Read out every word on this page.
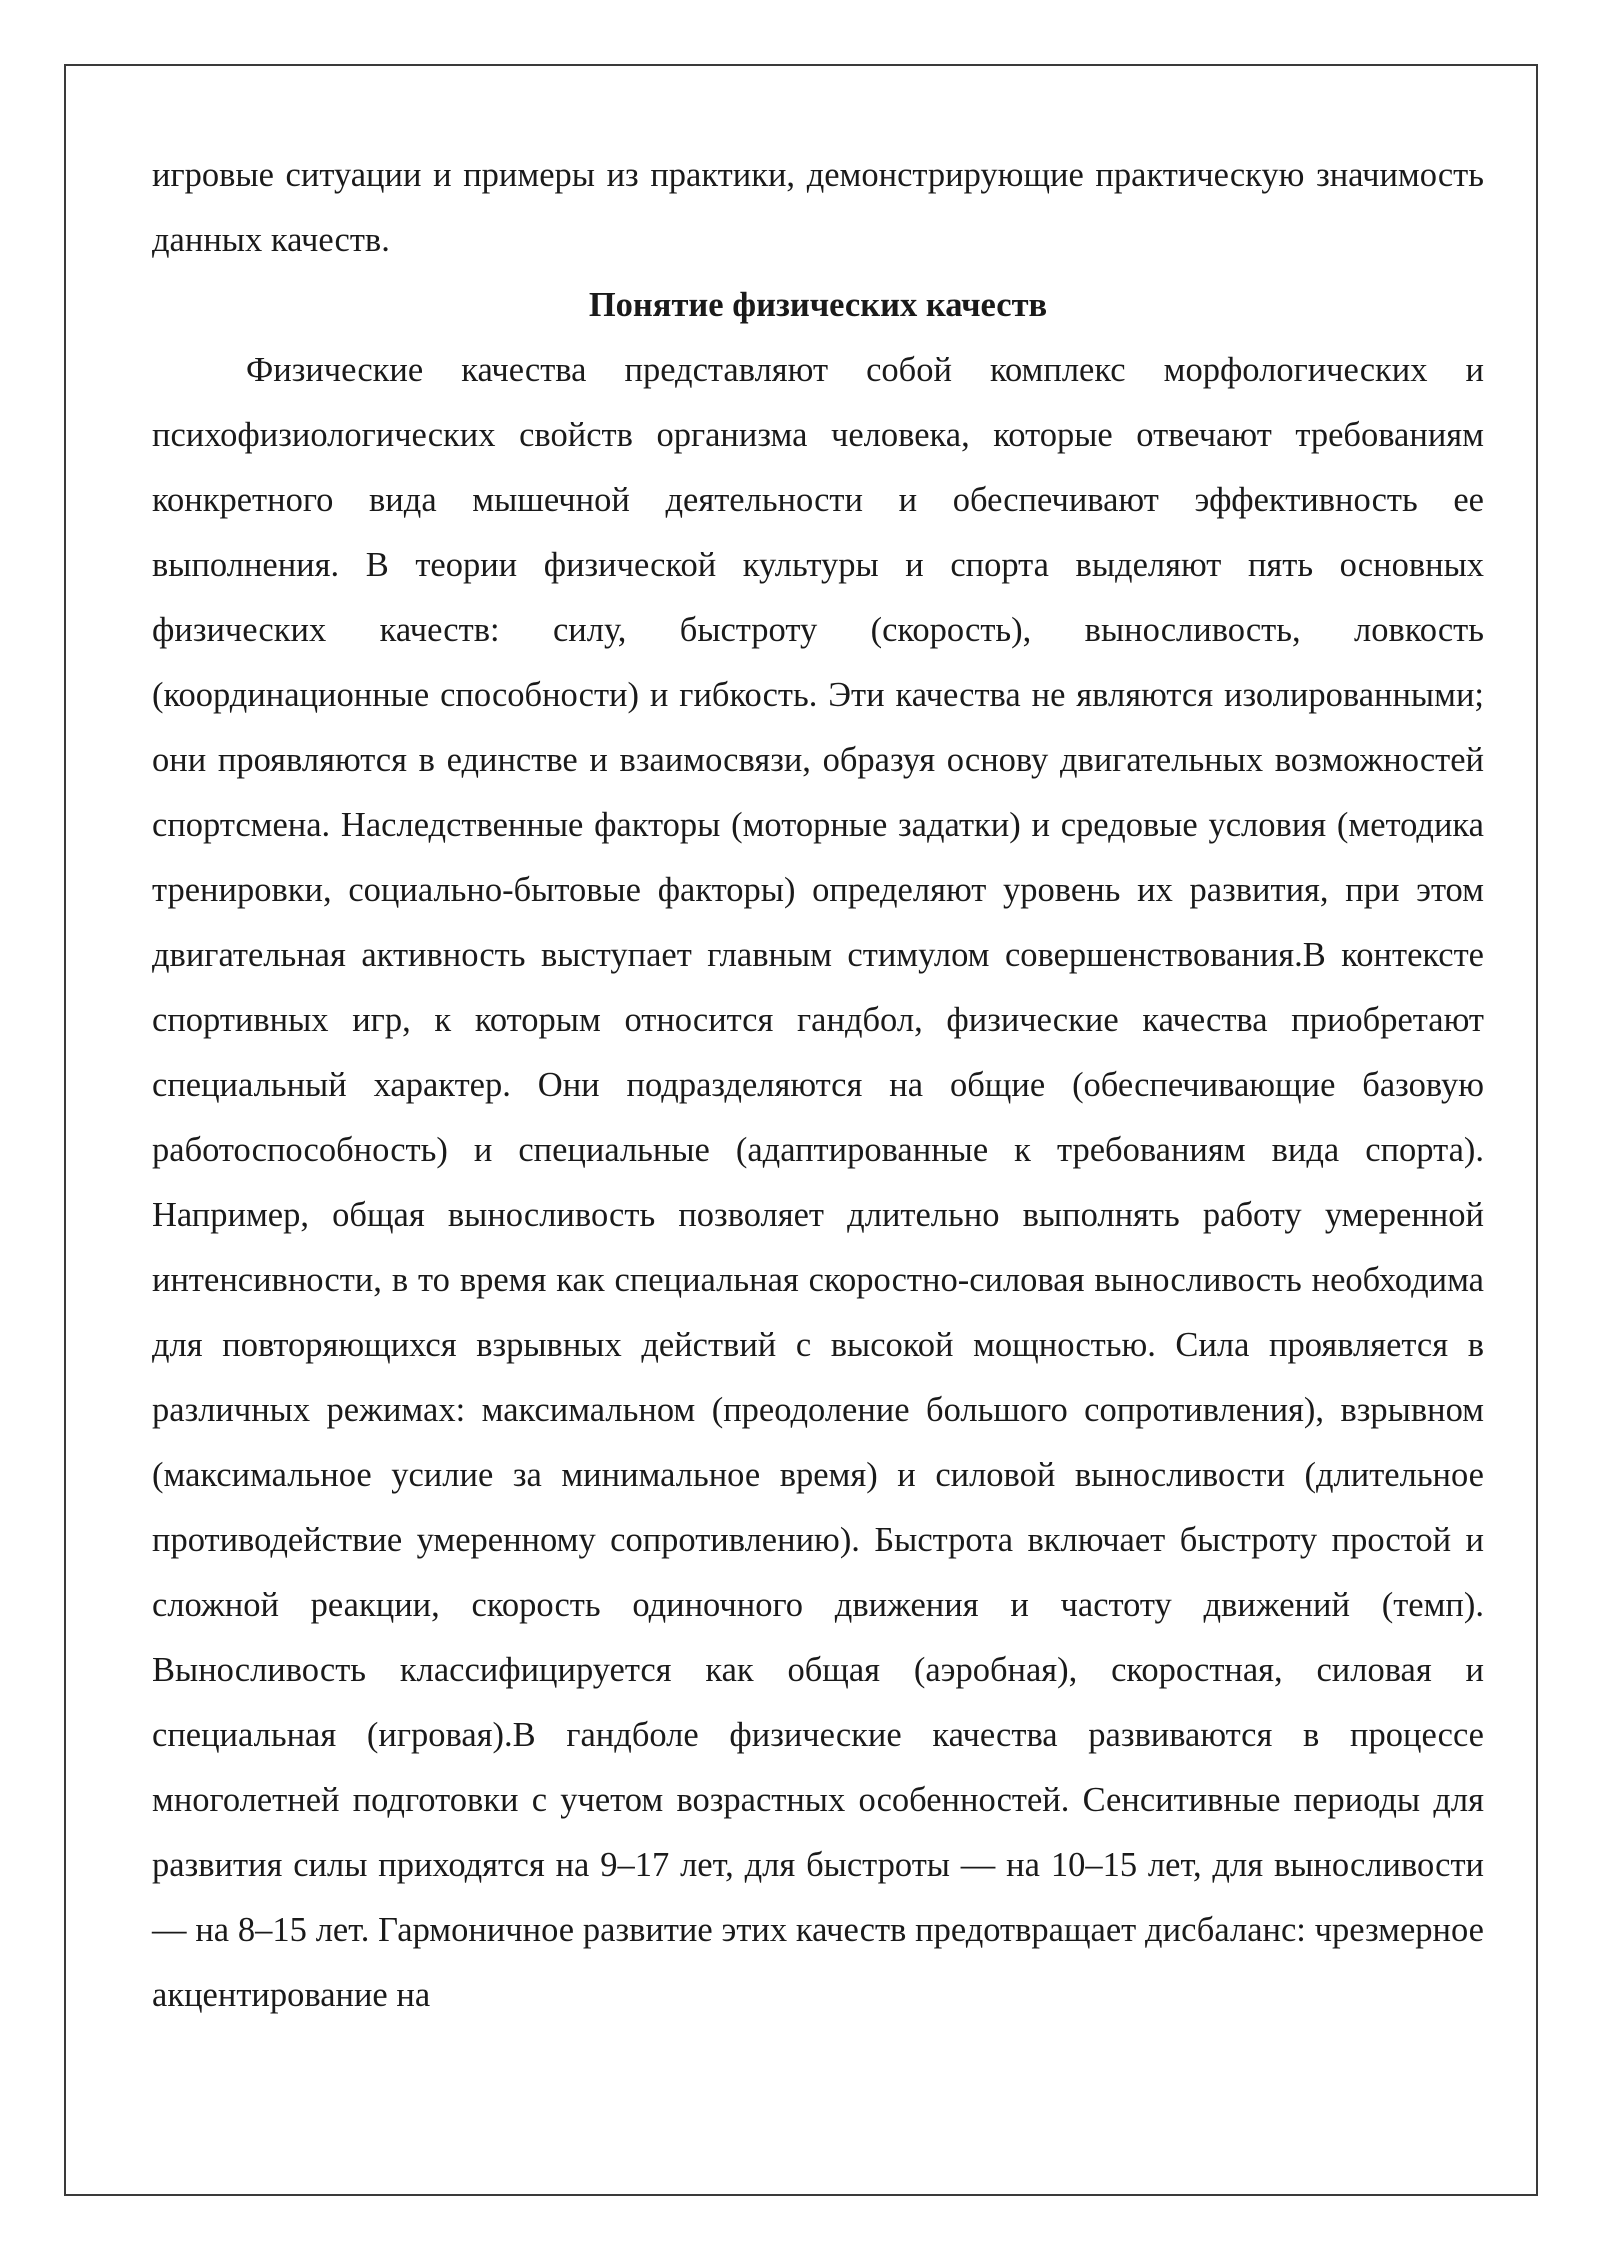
игровые ситуации и примеры из практики, демонстрирующие практическую значимость данных качеств.

Понятие физических качеств

Физические качества представляют собой комплекс морфологических и психофизиологических свойств организма человека, которые отвечают требованиям конкретного вида мышечной деятельности и обеспечивают эффективность ее выполнения. В теории физической культуры и спорта выделяют пять основных физических качеств: силу, быстроту (скорость), выносливость, ловкость (координационные способности) и гибкость. Эти качества не являются изолированными; они проявляются в единстве и взаимосвязи, образуя основу двигательных возможностей спортсмена. Наследственные факторы (моторные задатки) и средовые условия (методика тренировки, социально-бытовые факторы) определяют уровень их развития, при этом двигательная активность выступает главным стимулом совершенствования.В контексте спортивных игр, к которым относится гандбол, физические качества приобретают специальный характер. Они подразделяются на общие (обеспечивающие базовую работоспособность) и специальные (адаптированные к требованиям вида спорта). Например, общая выносливость позволяет длительно выполнять работу умеренной интенсивности, в то время как специальная скоростно-силовая выносливость необходима для повторяющихся взрывных действий с высокой мощностью. Сила проявляется в различных режимах: максимальном (преодоление большого сопротивления), взрывном (максимальное усилие за минимальное время) и силовой выносливости (длительное противодействие умеренному сопротивлению). Быстрота включает быстроту простой и сложной реакции, скорость одиночного движения и частоту движений (темп). Выносливость классифицируется как общая (аэробная), скоростная, силовая и специальная (игровая).В гандболе физические качества развиваются в процессе многолетней подготовки с учетом возрастных особенностей. Сенситивные периоды для развития силы приходятся на 9–17 лет, для быстроты — на 10–15 лет, для выносливости — на 8–15 лет. Гармоничное развитие этих качеств предотвращает дисбаланс: чрезмерное акцентирование на
